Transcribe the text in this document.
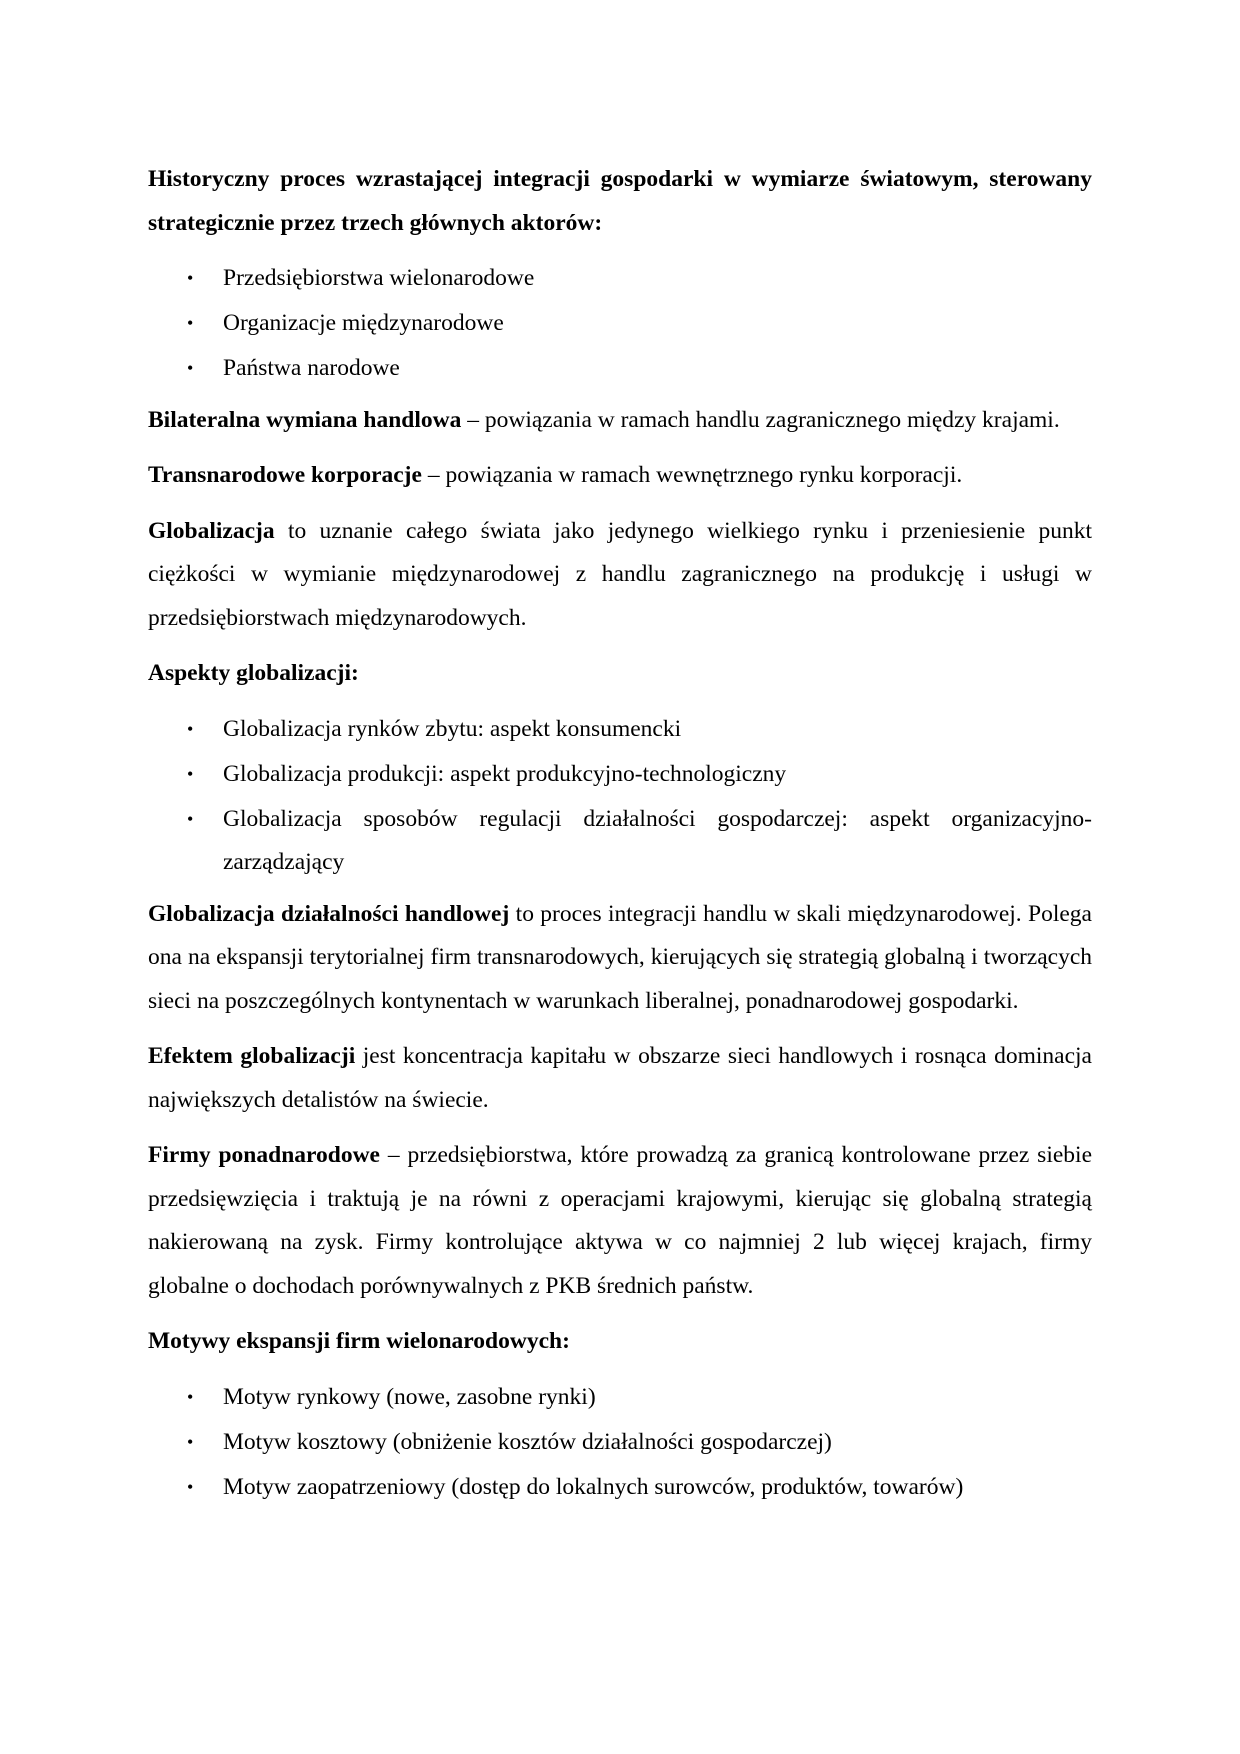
Historyczny proces wzrastającej integracji gospodarki w wymiarze światowym, sterowany strategicznie przez trzech głównych aktorów:

• Przedsiębiorstwa wielonarodowe
• Organizacje międzynarodowe
• Państwa narodowe

Bilateralna wymiana handlowa – powiązania w ramach handlu zagranicznego między krajami.

Transnarodowe korporacje – powiązania w ramach wewnętrznego rynku korporacji.

Globalizacja to uznanie całego świata jako jedynego wielkiego rynku i przeniesienie punkt ciężkości w wymianie międzynarodowej z handlu zagranicznego na produkcję i usługi w przedsiębiorstwach międzynarodowych.

Aspekty globalizacji:

• Globalizacja rynków zbytu: aspekt konsumencki
• Globalizacja produkcji: aspekt produkcyjno-technologiczny
• Globalizacja sposobów regulacji działalności gospodarczej: aspekt organizacyjno-zarządzający

Globalizacja działalności handlowej to proces integracji handlu w skali międzynarodowej. Polega ona na ekspansji terytorialnej firm transnarodowych, kierujących się strategią globalną i tworzących sieci na poszczególnych kontynentach w warunkach liberalnej, ponadnarodowej gospodarki.

Efektem globalizacji jest koncentracja kapitału w obszarze sieci handlowych i rosnąca dominacja największych detalistów na świecie.

Firmy ponadnarodowe – przedsiębiorstwa, które prowadzą za granicą kontrolowane przez siebie przedsięwzięcia i traktują je na równi z operacjami krajowymi, kierując się globalną strategią nakierowaną na zysk. Firmy kontrolujące aktywa w co najmniej 2 lub więcej krajach, firmy globalne o dochodach porównywalnych z PKB średnich państw.

Motywy ekspansji firm wielonarodowych:

• Motyw rynkowy (nowe, zasobne rynki)
• Motyw kosztowy (obniżenie kosztów działalności gospodarczej)
• Motyw zaopatrzeniowy (dostęp do lokalnych surowców, produktów, towarów)
